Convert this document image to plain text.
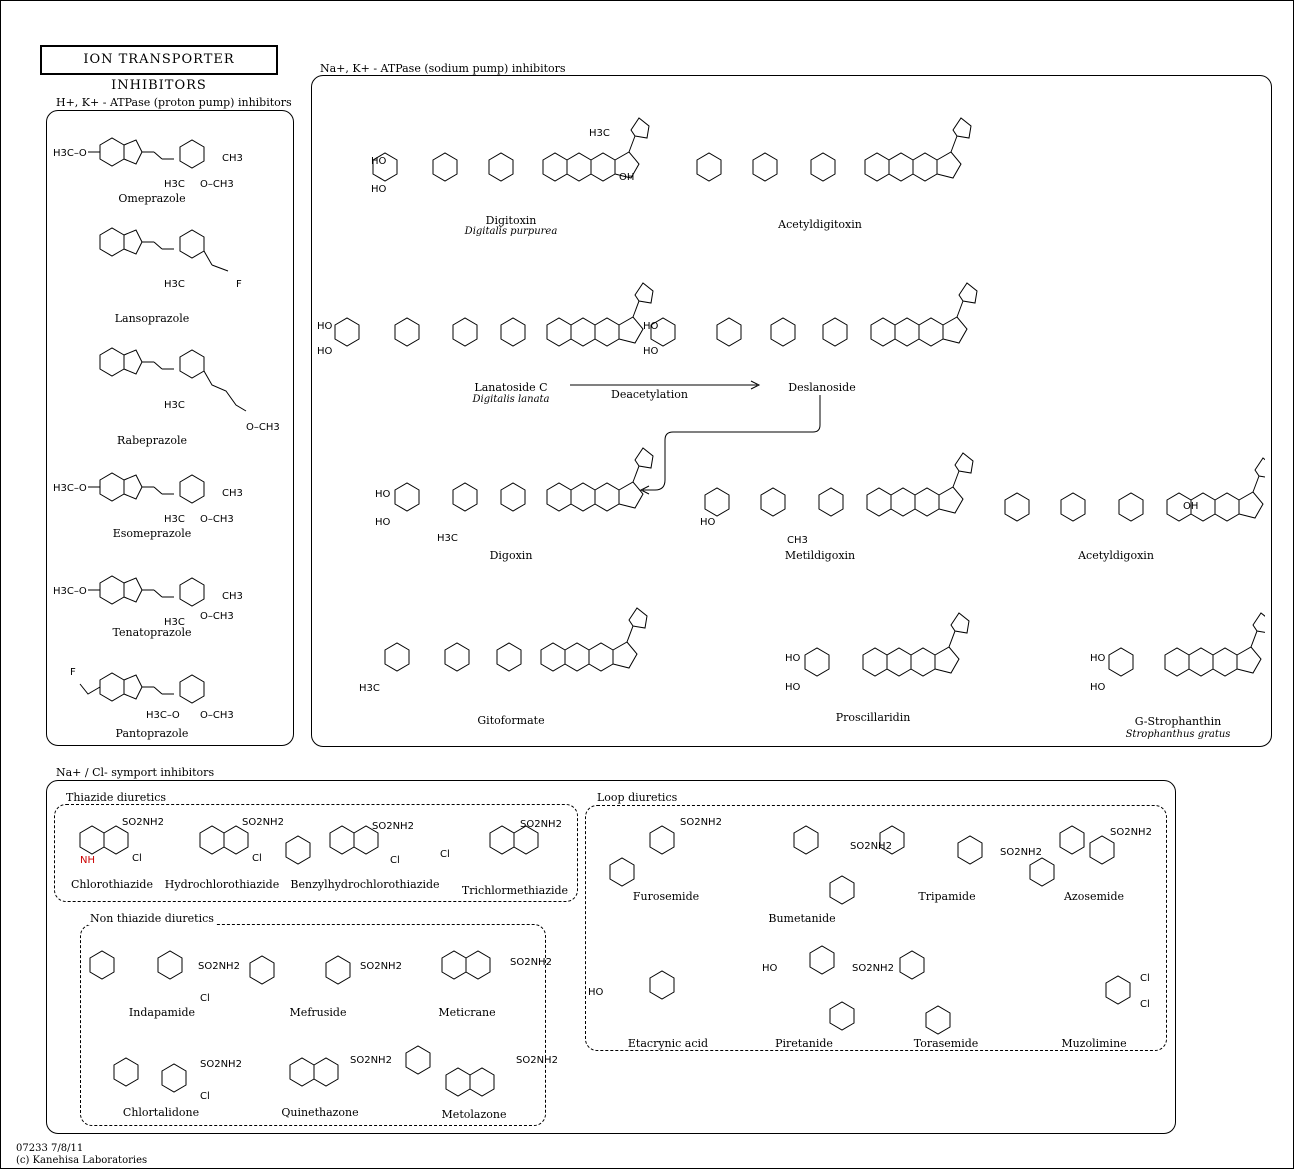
ION TRANSPORTER INHIBITORS
H+, K+ - ATPase (proton pump) inhibitors
Na+, K+ - ATPase (sodium pump) inhibitors
Na+ / Cl- symport inhibitors
Thiazide diuretics
Non thiazide diuretics
Loop diuretics
H3C–O	CH3
H3C O–CH3
H3C	F
H3C
O–CH3
H3C–O	CH3
H3C O–CH3
H3C–O	CH3
H3C
O–CH3
H3C–O O–CH3
F
Omeprazole
Lansoprazole
Rabeprazole
Esomeprazole
Tenatoprazole
Pantoprazole
HO
HO
H3C
OH
HO
HO
HO
HO
HO
HO
H3C
HO
CH3
OH
H3C
HO
HO
HO
HO
Digitoxin
Digitalis purpurea
Acetyldigitoxin
Lanatoside C
Digitalis lanata	Deacetylation
Deslanoside
Digoxin	Metildigoxin	Acetyldigoxin
Gitoformate	Proscillaridin	G-Strophanthin
Strophanthus gratus
SO2NH2
Cl
NH
SO2NH2
Cl
SO2NH2
Cl
SO2NH2
Cl
SO2NH2
Cl
SO2NH2	SO2NH2
SO2NH2
Cl
SO2NH2	SO2NH2
SO2NH2
SO2NH2
SO2NH2
SO2NH2
HO
HO	SO2NH2
Cl
Cl
Chlorothiazide Hydrochlorothiazide Benzylhydrochlorothiazide Trichlormethiazide
Indapamide	Mefruside	Meticrane
Chlortalidone	Quinethazone	Metolazone
Furosemide
Bumetanide
Tripamide	Azosemide
Etacrynic acid	Piretanide	Torasemide	Muzolimine
07233 7/8/11
(c) Kanehisa Laboratories
